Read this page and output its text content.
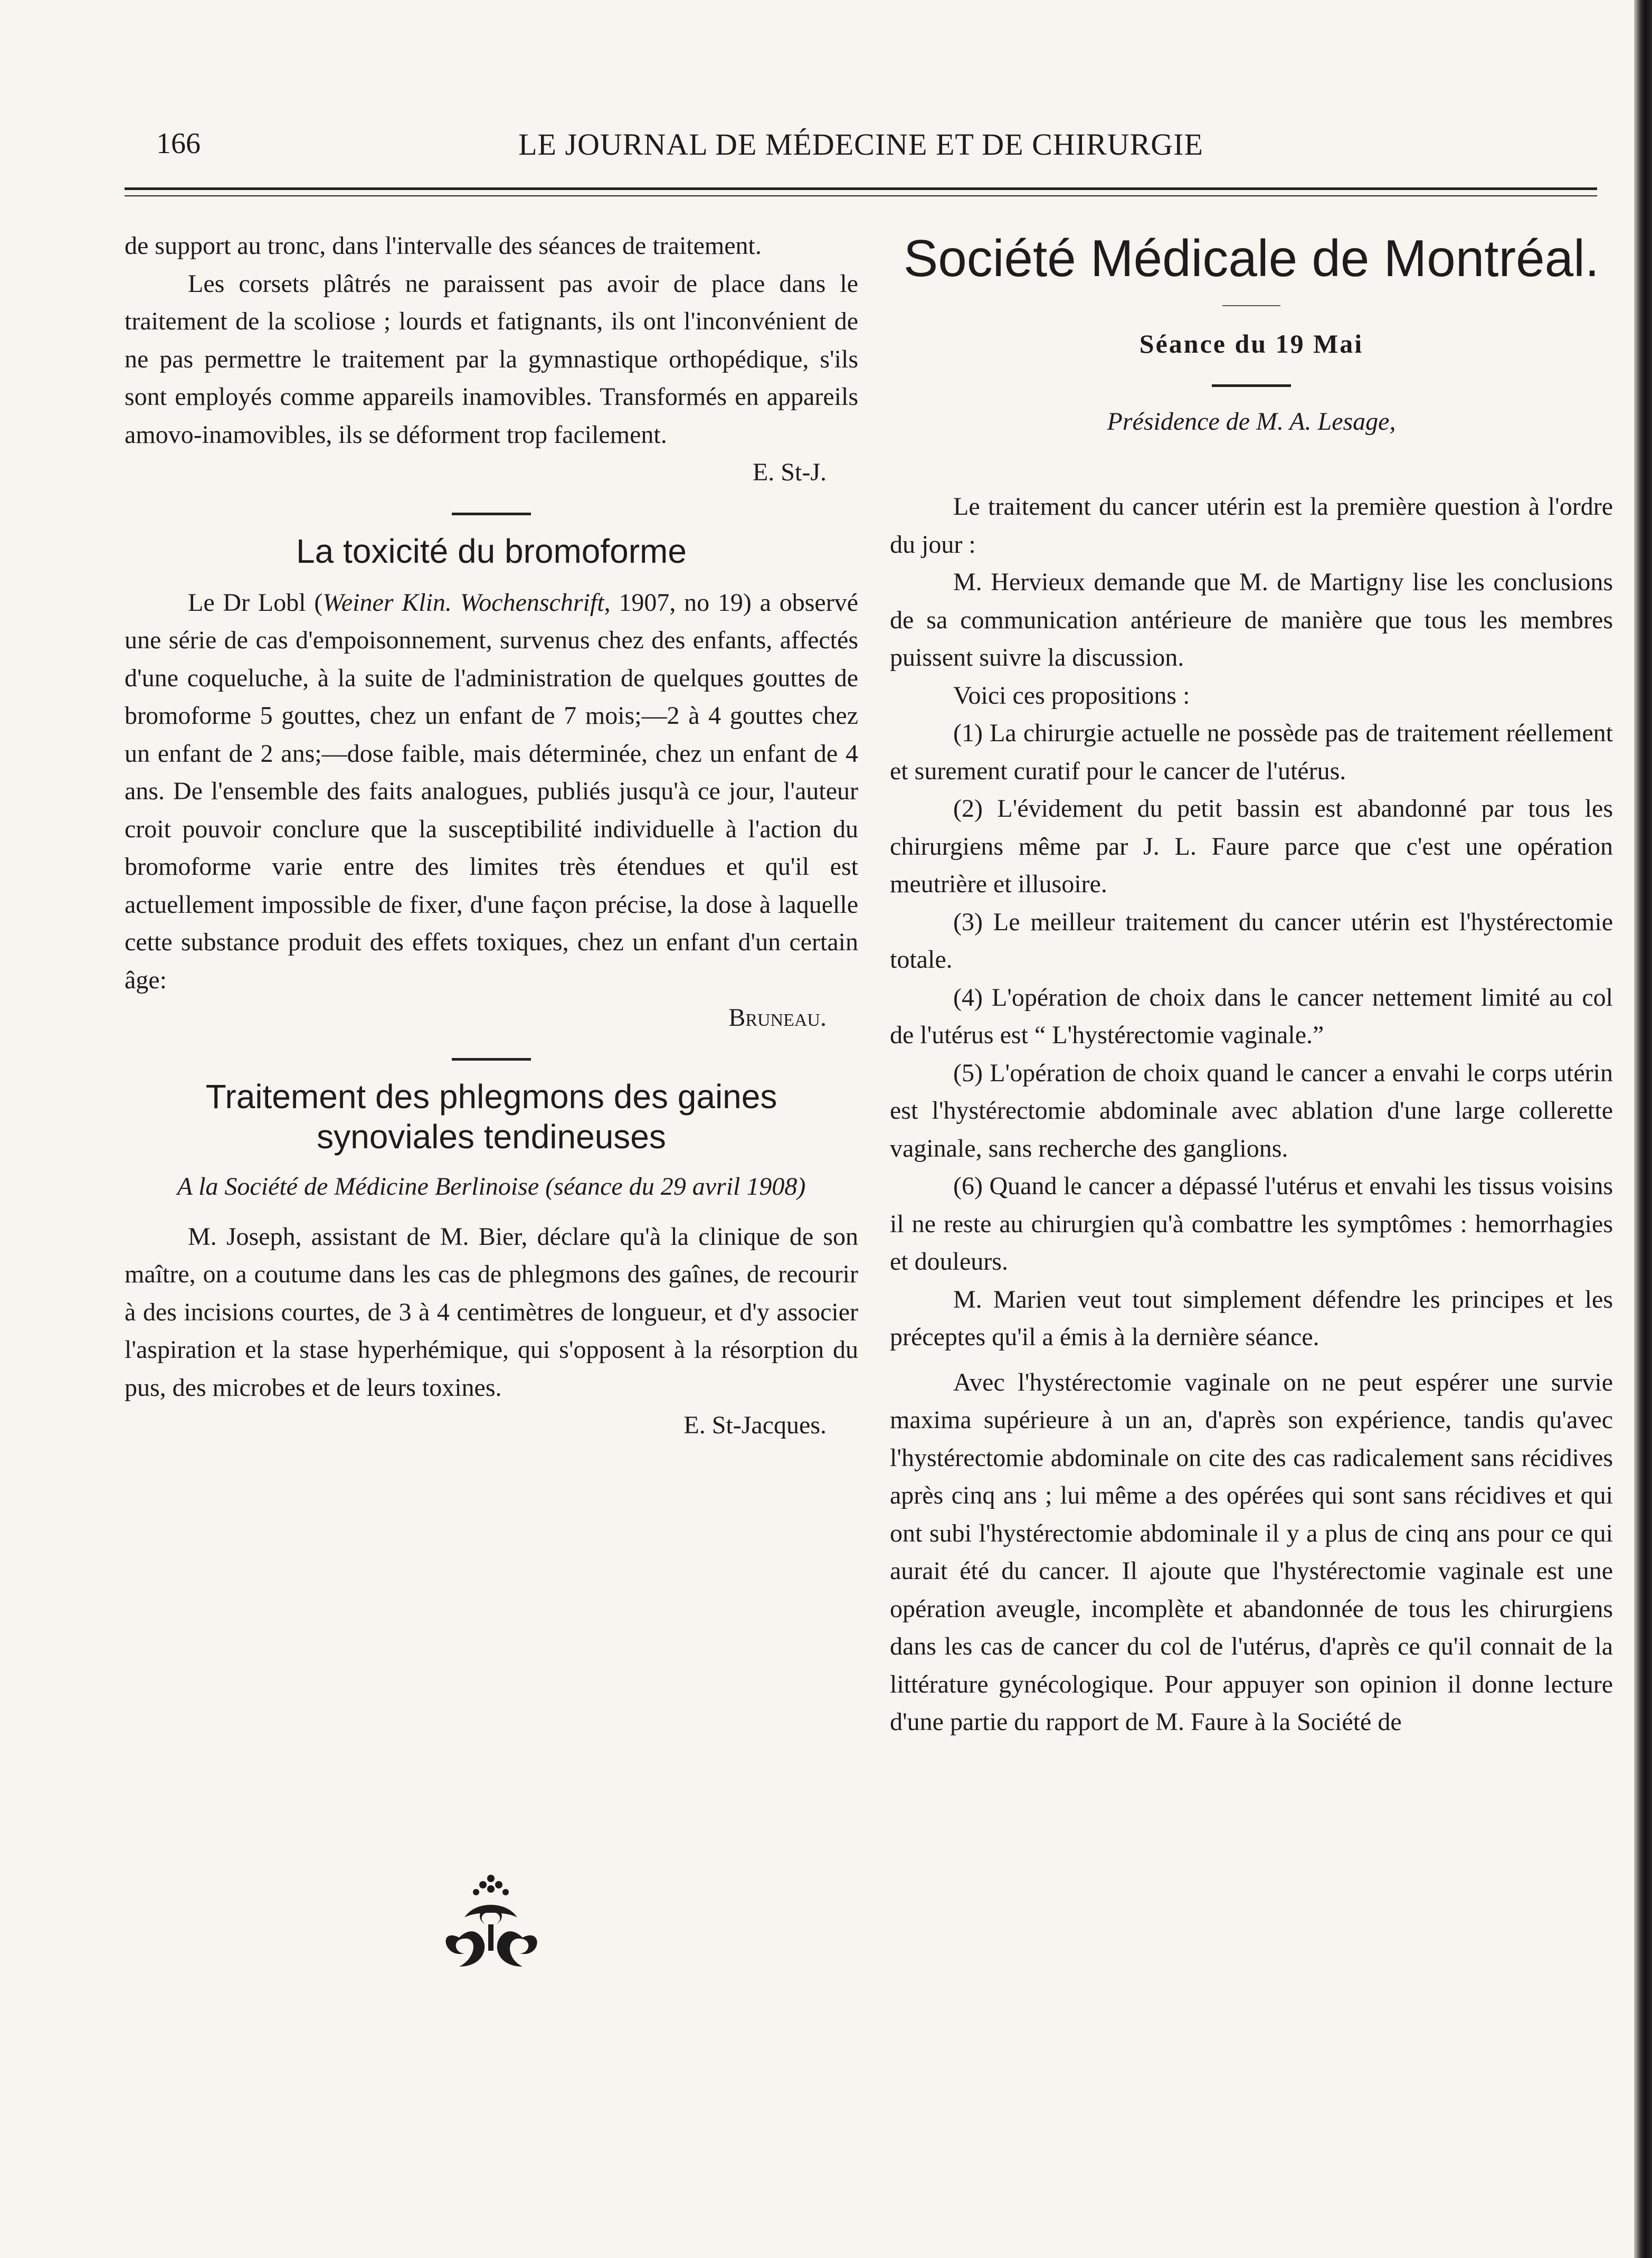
166	LE JOURNAL DE MÉDECINE ET DE CHIRURGIE

de support au tronc, dans l'intervalle des séances de traitement.

Les corsets plâtrés ne paraissent pas avoir de place dans le traitement de la scoliose ; lourds et fatignants, ils ont l'inconvénient de ne pas permettre le traitement par la gymnastique orthopédique, s'ils sont employés comme appareils inamovibles. Transformés en appareils amovo-inamovibles, ils se déforment trop facilement.

E. St-J.

La toxicité du bromoforme

Le Dr Lobl (Weiner Klin. Wochenschrift, 1907, no 19) a observé une série de cas d'empoisonnement, survenus chez des enfants, affectés d'une coqueluche, à la suite de l'administration de quelques gouttes de bromoforme 5 gouttes, chez un enfant de 7 mois;—2 à 4 gouttes chez un enfant de 2 ans;—dose faible, mais déterminée, chez un enfant de 4 ans. De l'ensemble des faits analogues, publiés jusqu'à ce jour, l'auteur croit pouvoir conclure que la susceptibilité individuelle à l'action du bromoforme varie entre des limites très étendues et qu'il est actuellement impossible de fixer, d'une façon précise, la dose à laquelle cette substance produit des effets toxiques, chez un enfant d'un certain âge:

Bruneau.

Traitement des phlegmons des gaines synoviales tendineuses
A la Société de Médicine Berlinoise (séance du 29 avril 1908)

M. Joseph, assistant de M. Bier, déclare qu'à la clinique de son maître, on a coutume dans les cas de phlegmons des gaînes, de recourir à des incisions courtes, de 3 à 4 centimètres de longueur, et d'y associer l'aspiration et la stase hyperhémique, qui s'opposent à la résorption du pus, des microbes et de leurs toxines.

E. St-Jacques.

Société Médicale de Montréal.
Séance du 19 Mai
Présidence de M. A. Lesage,

Le traitement du cancer utérin est la première question à l'ordre du jour :

M. Hervieux demande que M. de Martigny lise les conclusions de sa communication antérieure de manière que tous les membres puissent suivre la discussion.

Voici ces propositions :

(1) La chirurgie actuelle ne possède pas de traitement réellement et surement curatif pour le cancer de l'utérus.

(2) L'évidement du petit bassin est abandonné par tous les chirurgiens même par J. L. Faure parce que c'est une opération meutrière et illusoire.

(3) Le meilleur traitement du cancer utérin est l'hystérectomie totale.

(4) L'opération de choix dans le cancer nettement limité au col de l'utérus est “ L'hystérectomie vaginale.”

(5) L'opération de choix quand le cancer a envahi le corps utérin est l'hystérectomie abdominale avec ablation d'une large collerette vaginale, sans recherche des ganglions.

(6) Quand le cancer a dépassé l'utérus et envahi les tissus voisins il ne reste au chirurgien qu'à combattre les symptômes : hemorrhagies et douleurs.

M. Marien veut tout simplement défendre les principes et les préceptes qu'il a émis à la dernière séance.

Avec l'hystérectomie vaginale on ne peut espérer une survie maxima supérieure à un an, d'après son expérience, tandis qu'avec l'hystérectomie abdominale on cite des cas radicalement sans récidives après cinq ans ; lui même a des opérées qui sont sans récidives et qui ont subi l'hystérectomie abdominale il y a plus de cinq ans pour ce qui aurait été du cancer. Il ajoute que l'hystérectomie vaginale est une opération aveugle, incomplète et abandonnée de tous les chirurgiens dans les cas de cancer du col de l'utérus, d'après ce qu'il connait de la littérature gynécologique. Pour appuyer son opinion il donne lecture d'une partie du rapport de M. Faure à la Société de
